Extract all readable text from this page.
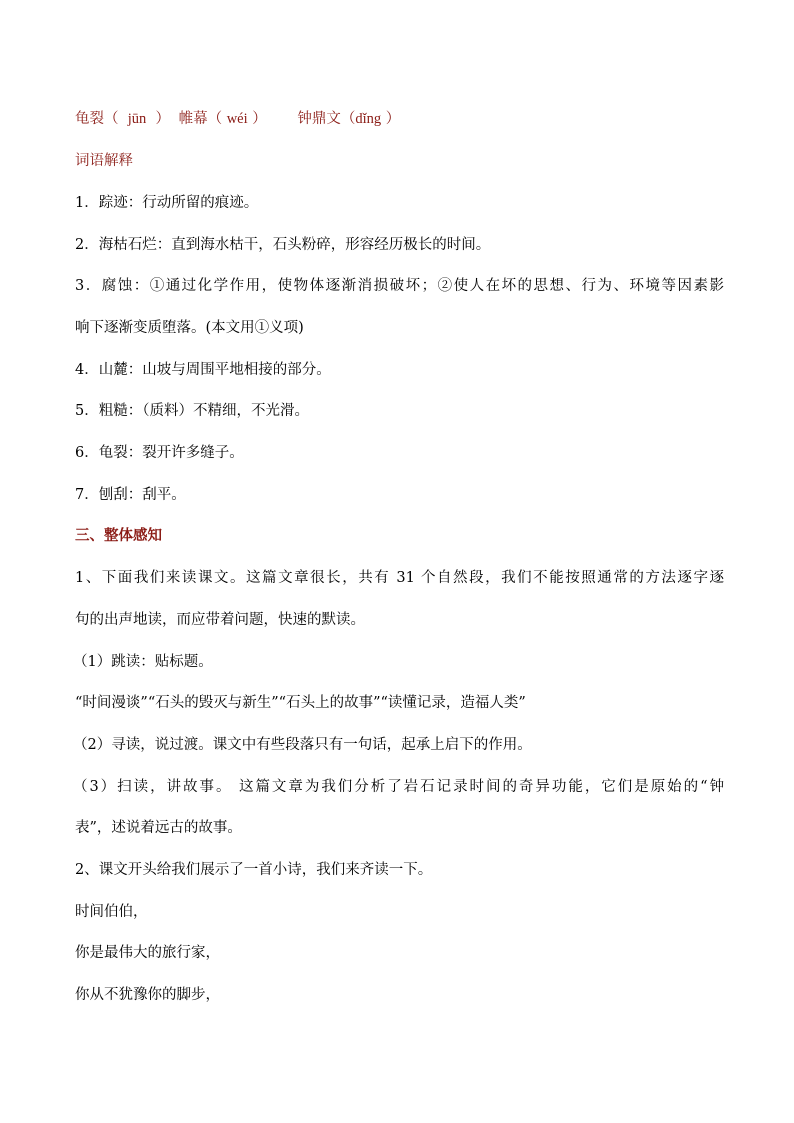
龟裂（ jūn ） 帷幕（ wéi ） 钟鼎文（dǐng ）
词语解释
1．踪迹：行动所留的痕迹。
2．海枯石烂：直到海水枯干，石头粉碎，形容经历极长的时间。
3．腐蚀：①通过化学作用，使物体逐渐消损破坏；②使人在坏的思想、行为、环境等因素影
响下逐渐变质堕落。(本文用①义项)
4．山麓：山坡与周围平地相接的部分。
5．粗糙：（质料）不精细，不光滑。
6．龟裂：裂开许多缝子。
7．刨刮：刮平。
三、整体感知
1、下面我们来读课文。这篇文章很长，共有 31 个自然段，我们不能按照通常的方法逐字逐
句的出声地读，而应带着问题，快速的默读。
（1）跳读：贴标题。
“时间漫谈”“石头的毁灭与新生”“石头上的故事”“读懂记录，造福人类”
（2）寻读，说过渡。课文中有些段落只有一句话，起承上启下的作用。
（3）扫读，讲故事。 这篇文章为我们分析了岩石记录时间的奇异功能，它们是原始的“钟
表”，述说着远古的故事。
2、课文开头给我们展示了一首小诗，我们来齐读一下。
时间伯伯，
你是最伟大的旅行家，
你从不犹豫你的脚步，
